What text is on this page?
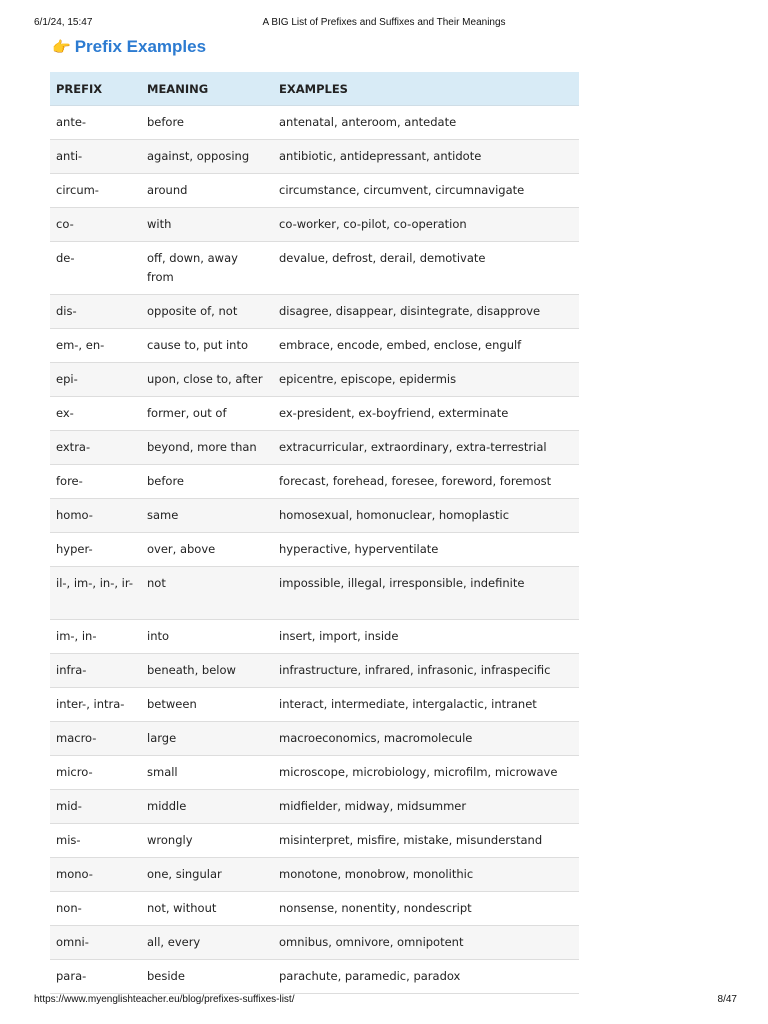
6/1/24, 15:47	A BIG List of Prefixes and Suffixes and Their Meanings
👉 Prefix Examples
PREFIX	MEANING	EXAMPLES
ante-	before	antenatal, anteroom, antedate
anti-	against, opposing	antibiotic, antidepressant, antidote
circum-	around	circumstance, circumvent, circumnavigate
co-	with	co-worker, co-pilot, co-operation
de-	off, down, away from	devalue, defrost, derail, demotivate
dis-	opposite of, not	disagree, disappear, disintegrate, disapprove
em-, en-	cause to, put into	embrace, encode, embed, enclose, engulf
epi-	upon, close to, after	epicentre, episcope, epidermis
ex-	former, out of	ex-president, ex-boyfriend, exterminate
extra-	beyond, more than	extracurricular, extraordinary, extra-terrestrial
fore-	before	forecast, forehead, foresee, foreword, foremost
homo-	same	homosexual, homonuclear, homoplastic
hyper-	over, above	hyperactive, hyperventilate
il-, im-, in-, ir-	not	impossible, illegal, irresponsible, indefinite
im-, in-	into	insert, import, inside
infra-	beneath, below	infrastructure, infrared, infrasonic, infraspecific
inter-, intra-	between	interact, intermediate, intergalactic, intranet
macro-	large	macroeconomics, macromolecule
micro-	small	microscope, microbiology, microfilm, microwave
mid-	middle	midfielder, midway, midsummer
mis-	wrongly	misinterpret, misfire, mistake, misunderstand
mono-	one, singular	monotone, monobrow, monolithic
non-	not, without	nonsense, nonentity, nondescript
omni-	all, every	omnibus, omnivore, omnipotent
para-	beside	parachute, paramedic, paradox
https://www.myenglishteacher.eu/blog/prefixes-suffixes-list/	8/47
